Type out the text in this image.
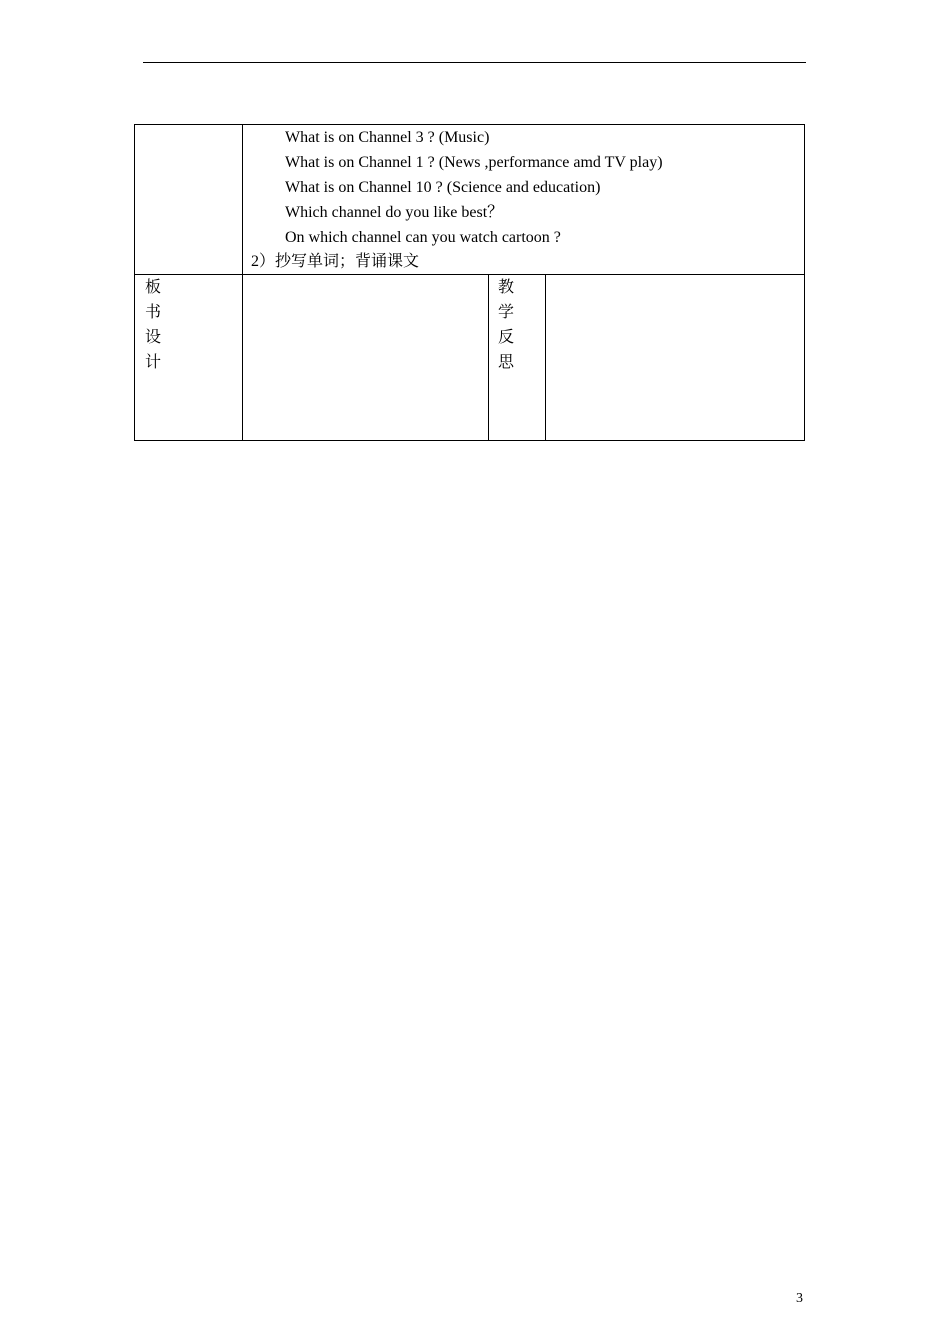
What is on Channel 3 ? (Music)
What is on Channel 1 ? (News ,performance amd TV play)
What is on Channel 10 ? (Science and education)
Which channel do you like best？
On which channel can you watch cartoon ?
2）抄写单词；背诵课文
板
书
设
计
教
学
反
思
3
